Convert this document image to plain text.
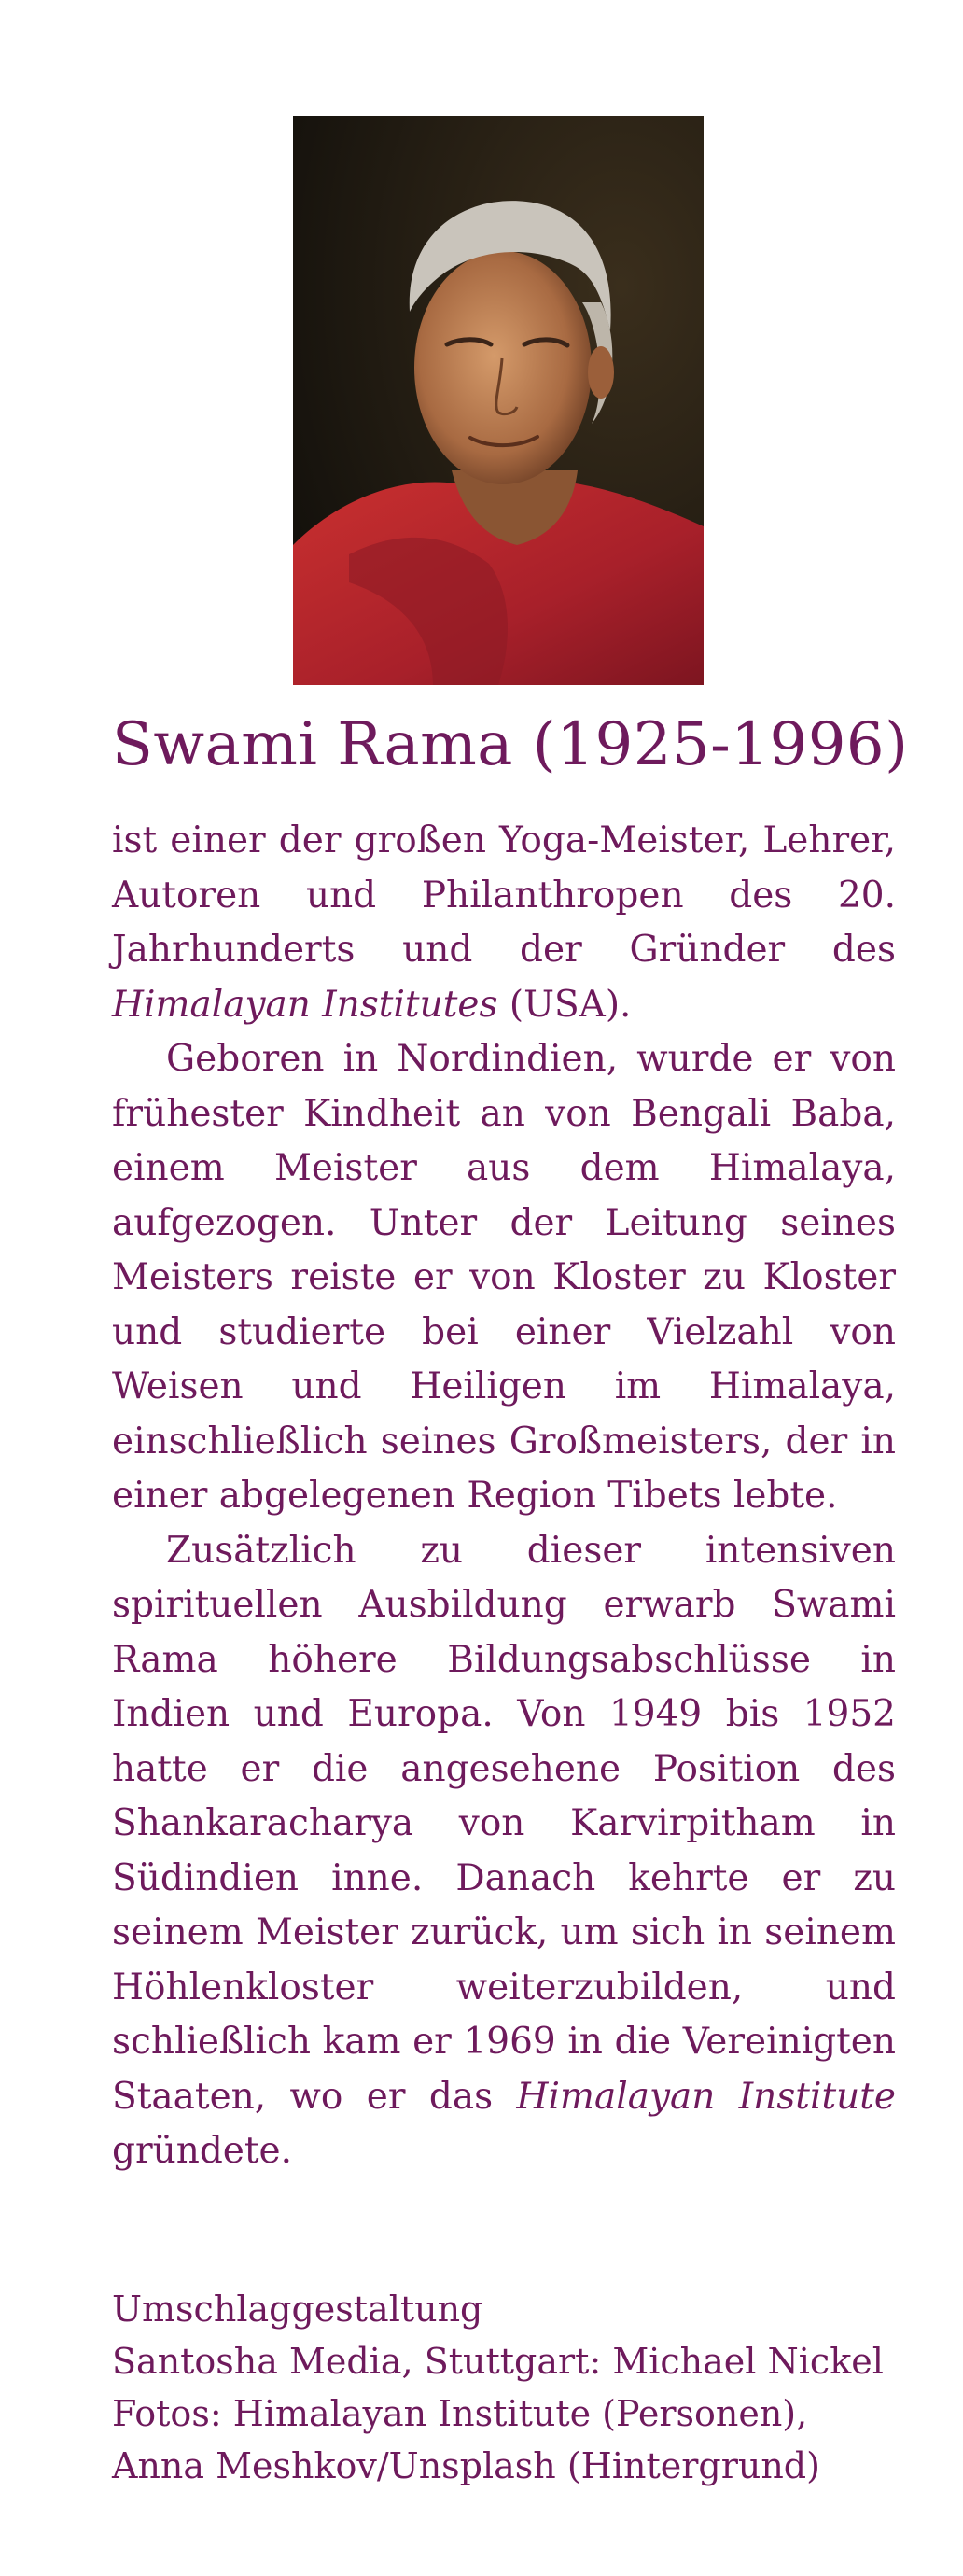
Swami Rama (1925-1996)

ist einer der großen Yoga-Meister, Lehrer, Autoren und Philanthropen des 20. Jahrhunderts und der Gründer des Himalayan Institutes (USA).

Geboren in Nordindien, wurde er von frühester Kindheit an von Bengali Baba, einem Meister aus dem Himalaya, aufgezogen. Unter der Leitung seines Meisters reiste er von Kloster zu Kloster und studierte bei einer Vielzahl von Weisen und Heiligen im Himalaya, einschließlich seines Großmeisters, der in einer abgelegenen Region Tibets lebte.

Zusätzlich zu dieser intensiven spirituellen Ausbildung erwarb Swami Rama höhere Bildungsabschlüsse in Indien und Europa. Von 1949 bis 1952 hatte er die angesehene Position des Shankaracharya von Karvirpitham in Südindien inne. Danach kehrte er zu seinem Meister zurück, um sich in seinem Höhlenkloster weiterzubilden, und schließlich kam er 1969 in die Vereinigten Staaten, wo er das Himalayan Institute gründete.

Umschlaggestaltung
Santosha Media, Stuttgart: Michael Nickel
Fotos: Himalayan Institute (Personen),
Anna Meshkov/Unsplash (Hintergrund)
